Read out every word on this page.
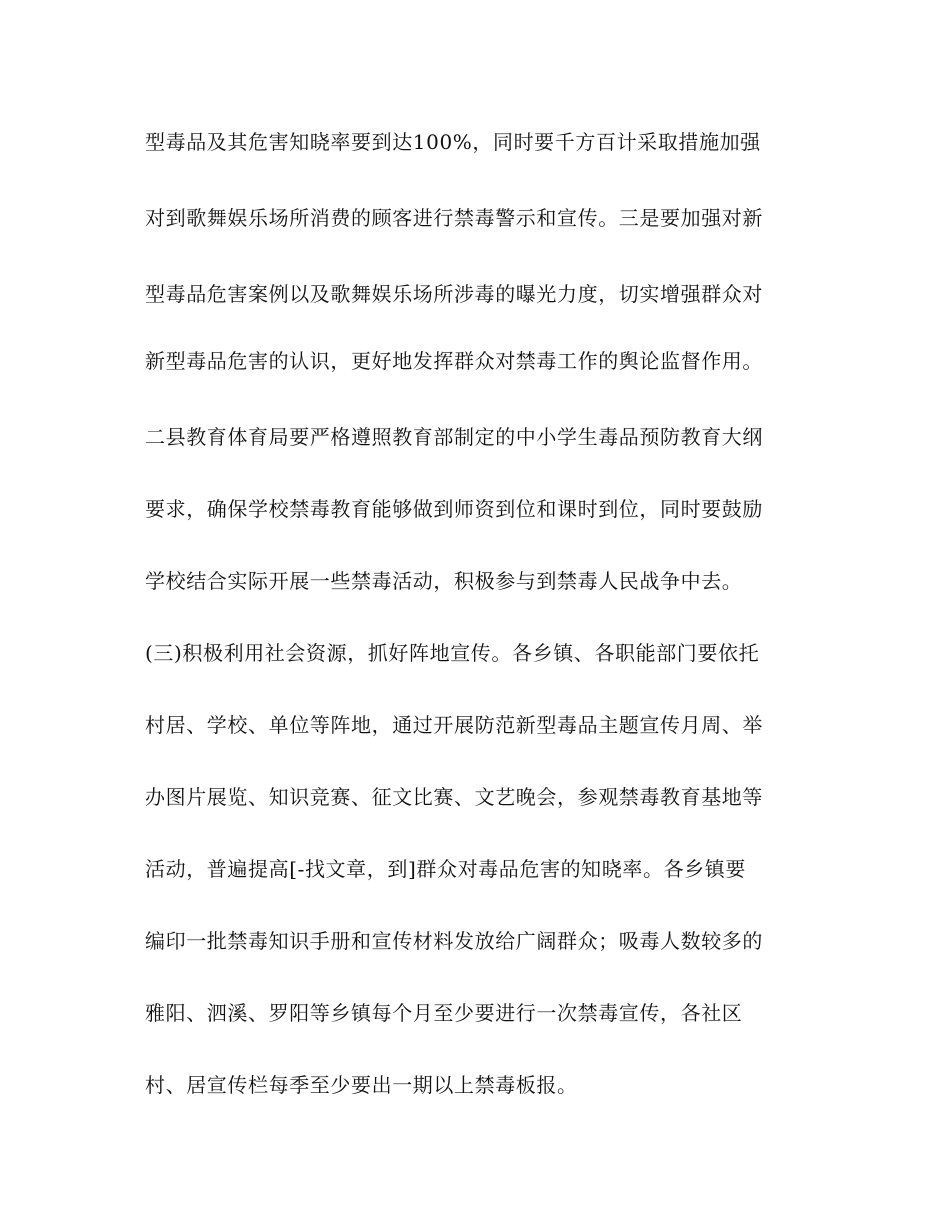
型毒品及其危害知晓率要到达100%，同时要千方百计采取措施加强
对到歌舞娱乐场所消费的顾客进行禁毒警示和宣传。三是要加强对新
型毒品危害案例以及歌舞娱乐场所涉毒的曝光力度，切实增强群众对
新型毒品危害的认识，更好地发挥群众对禁毒工作的舆论监督作用。
二县教育体育局要严格遵照教育部制定的中小学生毒品预防教育大纲
要求，确保学校禁毒教育能够做到师资到位和课时到位，同时要鼓励
学校结合实际开展一些禁毒活动，积极参与到禁毒人民战争中去。
(三)积极利用社会资源，抓好阵地宣传。各乡镇、各职能部门要依托
村居、学校、单位等阵地，通过开展防范新型毒品主题宣传月周、举
办图片展览、知识竞赛、征文比赛、文艺晚会，参观禁毒教育基地等
活动，普遍提高[-找文章，到]群众对毒品危害的知晓率。各乡镇要
编印一批禁毒知识手册和宣传材料发放给广阔群众；吸毒人数较多的
雅阳、泗溪、罗阳等乡镇每个月至少要进行一次禁毒宣传，各社区
村、居宣传栏每季至少要出一期以上禁毒板报。
